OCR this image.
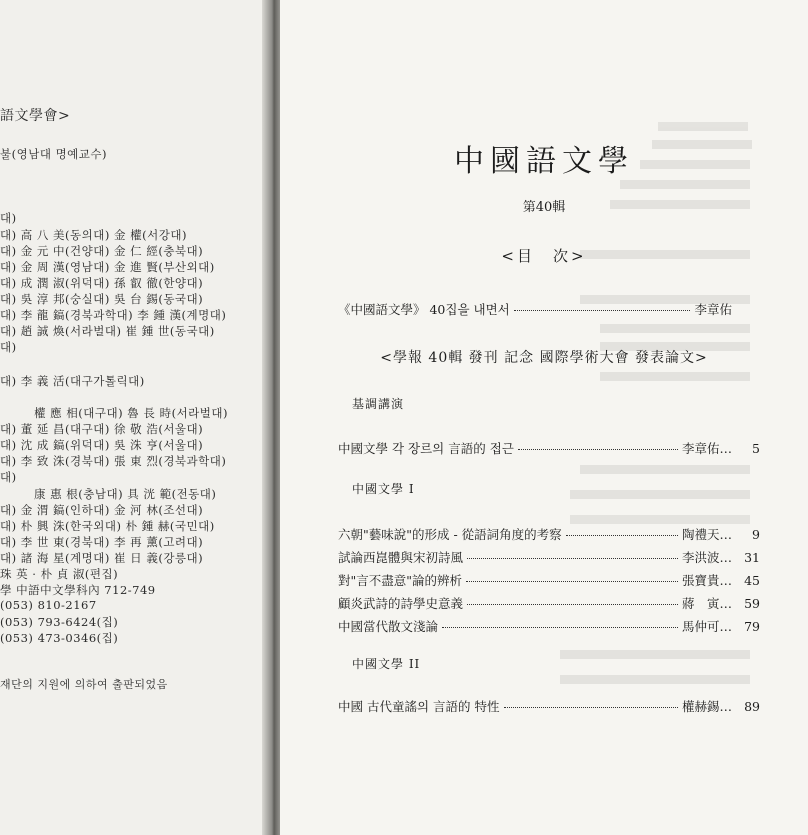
語文學會>
불(영남대 명예교수)
대)
대) 高 八 美(동의대) 金 權(서강대)
대) 金 元 中(건양대) 金 仁 經(충북대)
대) 金 周 漢(영남대) 金 進 賢(부산외대)
대) 成 潤 淑(위덕대) 孫 叡 徹(한양대)
대) 吳 淳 邦(숭실대) 吳 台 錫(동국대)
대) 李 龍 鎬(경북과학대) 李 鍾 漢(계명대)
대) 趙 誠 煥(서라벌대) 崔 鍾 世(동국대)
대)
대) 李 義 活(대구가톨릭대)
權 應 相(대구대) 魯 長 時(서라벌대)
대) 董 延 昌(대구대) 徐 敬 浩(서울대)
대) 沈 成 鎬(위덕대) 吳 洙 亨(서울대)
대) 李 致 洙(경북대) 張 東 烈(경북과학대)
대)
康 惠 根(충남대) 具 洸 範(전동대)
대) 金 渭 鎬(인하대) 金 河 林(조선대)
대) 朴 興 洙(한국외대) 朴 鍾 赫(국민대)
대) 李 世 東(경북대) 李 再 薰(고려대)
대) 諸 海 星(계명대) 崔 日 義(강릉대)
珠 英 · 朴 貞 淑(편집)
學 中語中文學科內 712-749
(053) 810-2167
(053) 793-6424(집)
(053) 473-0346(집)
재단의 지원에 의하여 출판되었음
中國語文學
第40輯
<目　次>
《中國語文學》 40집을 내면서	李章佑
<學報 40輯 發刊 記念 國際學術大會 發表論文>
基調講演
中國文學 각 장르의 言語的 접근	李章佑…	5
中國文學 I
六朝"藝味說"的形成 - 從語詞角度的考察	陶禮天…	9
試論西崑體與宋初詩風	李洪波… 31
對"言不盡意"論的辨析	張寶貴… 45
顧炎武詩的詩學史意義	蔣　寅… 59
中國當代散文淺論	馬仲可… 79
中國文學 II
中國 古代童謠의 言語的 特性	權赫錫… 89
